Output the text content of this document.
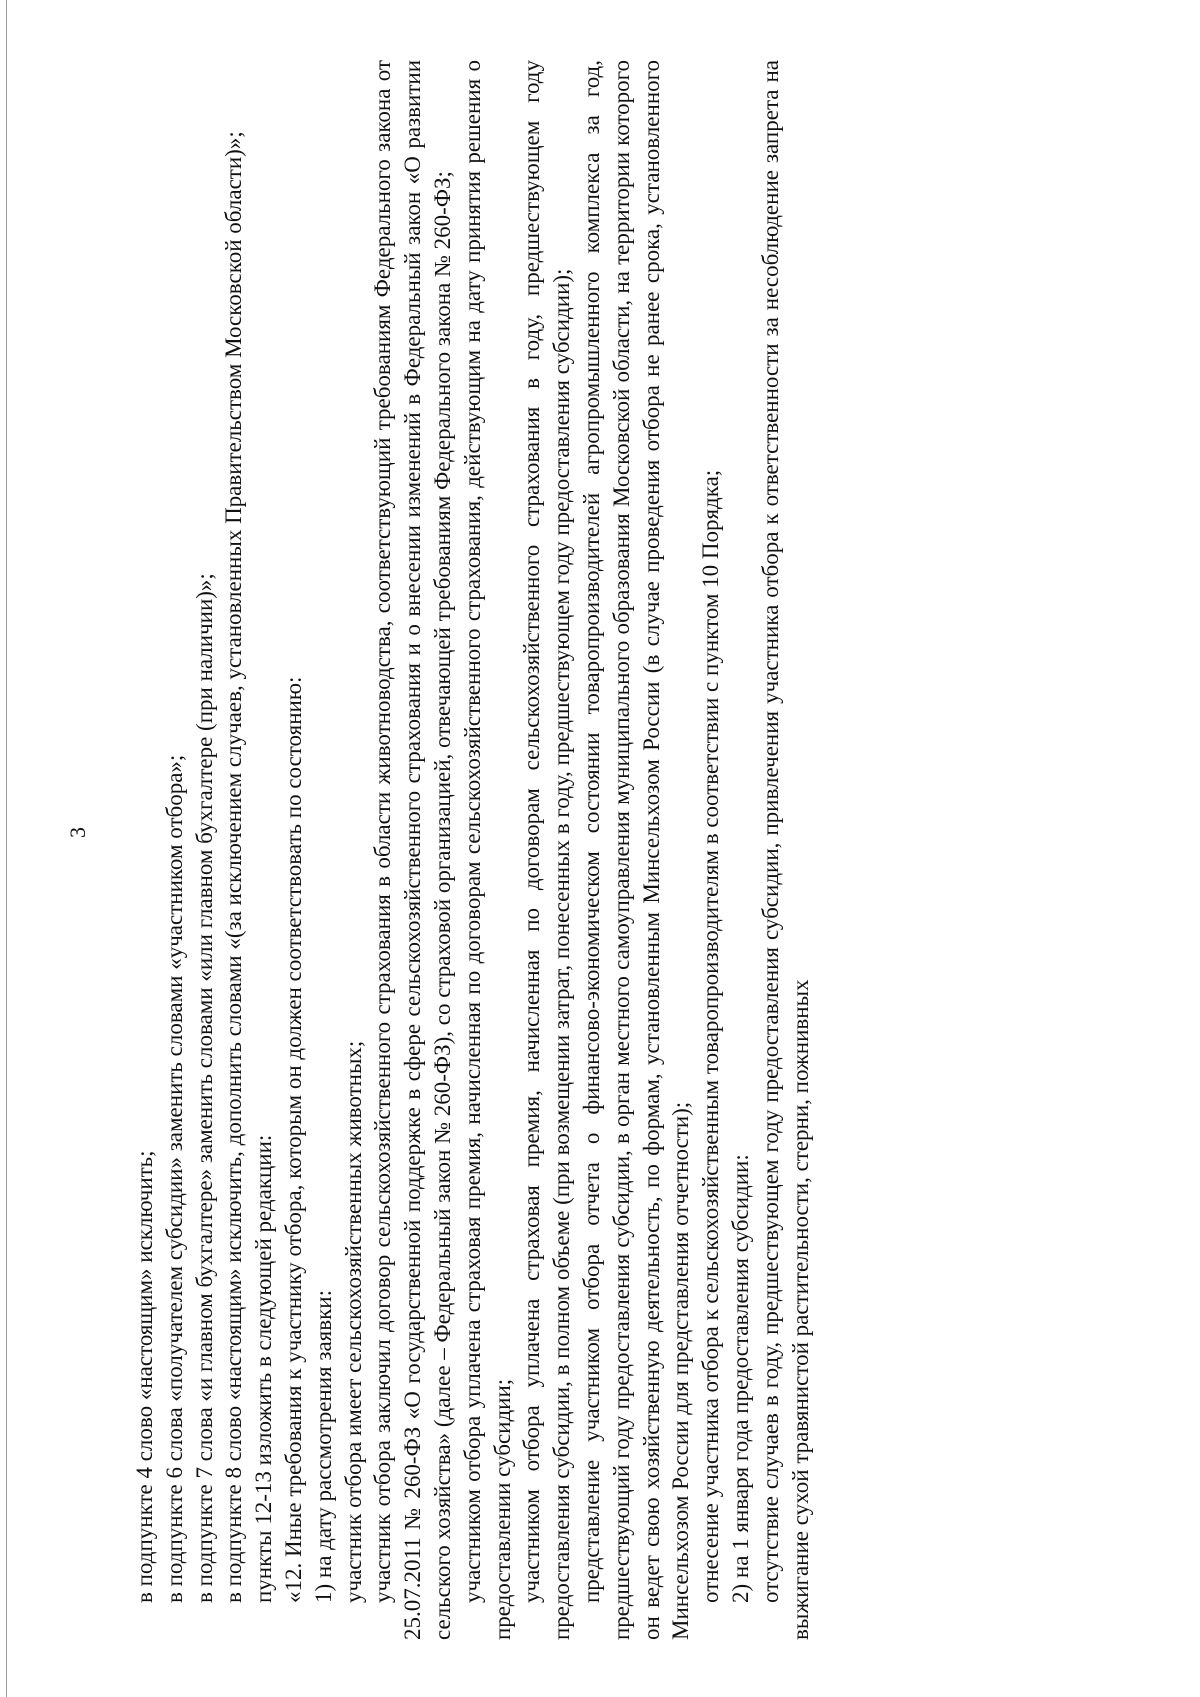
3

в подпункте 4 слово «настоящим» исключить; в подпункте 6 слова «получателем субсидии» заменить словами «участником отбора»; в подпункте 7 слова «и главном бухгалтере» заменить словами «или главном бухгалтере (при наличии)»; в подпункте 8 слово «настоящим» исключить, дополнить словами «(за исключением случаев, установленных Правительством Московской области)»; пункты 12-13 изложить в следующей редакции: «12. Иные требования к участнику отбора, которым он должен соответствовать по состоянию: 1) на дату рассмотрения заявки: участник отбора имеет сельскохозяйственных животных; участник отбора заключил договор сельскохозяйственного страхования в области животноводства, соответствующий требованиям Федерального закона от 25.07.2011 № 260-ФЗ «О государственной поддержке в сфере сельскохозяйственного страхования и о внесении изменений в Федеральный закон «О развитии сельского хозяйства» (далее – Федеральный закон № 260-ФЗ), со страховой организацией, отвечающей требованиям Федерального закона № 260-ФЗ; участником отбора уплачена страховая премия, начисленная по договорам сельскохозяйственного страхования, действующим на дату принятия решения о предоставлении субсидии; участником отбора уплачена страховая премия, начисленная по договорам сельскохозяйственного страхования в году, предшествующем году предоставления субсидии, в полном объеме (при возмещении затрат, понесенных в году, предшествующем году предоставления субсидии); представление участником отбора отчета о финансово-экономическом состоянии товаропроизводителей агропромышленного комплекса за год, предшествующий году предоставления субсидии, в орган местного самоуправления муниципального образования Московской области, на территории которого он ведет свою хозяйственную деятельность, по формам, установленным Минсельхозом России (в случае проведения отбора не ранее срока, установленного Минсельхозом России для представления отчетности); отнесение участника отбора к сельскохозяйственным товаропроизводителям в соответствии с пунктом 10 Порядка; 2) на 1 января года предоставления субсидии: отсутствие случаев в году, предшествующем году предоставления субсидии, привлечения участника отбора к ответственности за несоблюдение запрета на выжигание сухой травянистой растительности, стерни, пожнивных
